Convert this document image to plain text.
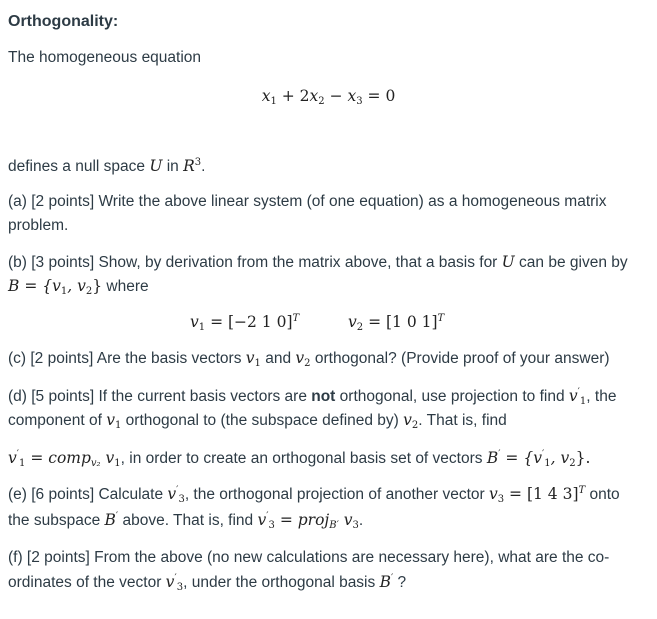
Orthogonality:
The homogeneous equation
$x_1 + 2x_2 - x_3 = 0$
defines a null space U in $R^3$.
(a) [2 points] Write the above linear system (of one equation) as a homogeneous matrix
problem.
(b) [3 points] Show, by derivation from the matrix above, that a basis for U can be given by
$B = \{v_1$, $v_2$} where
$v_1 = [-2$ 1 0]$^T$	$v_2 = [1$ 0 1]$^T$
(c) [2 points] Are the basis vectors $v_1$ and $v_2$ orthogonal? (Provide proof of your answer)
(d) [5 points] If the current basis vectors are not orthogonal, use projection to find $v'_1$, the
component of $v_1$ orthogonal to (the subspace defined by) $v_2$. That is, find
$v'_1$ = comp$_{v_2}$ $v_1$, in order to create an orthogonal basis set of vectors $B' = \{v'_1$, $v_2$}.
(e) [6 points] Calculate $v'_3$, the orthogonal projection of another vector $v_3 = [1$ 4 3]$^T$ onto
the subspace B′ above. That is, find $v'_3$ = proj$_{B'}$ $v_3$.
(f) [2 points] From the above (no new calculations are necessary here), what are the co-
ordinates of the vector $v'_3$, under the orthogonal basis B′ ?
